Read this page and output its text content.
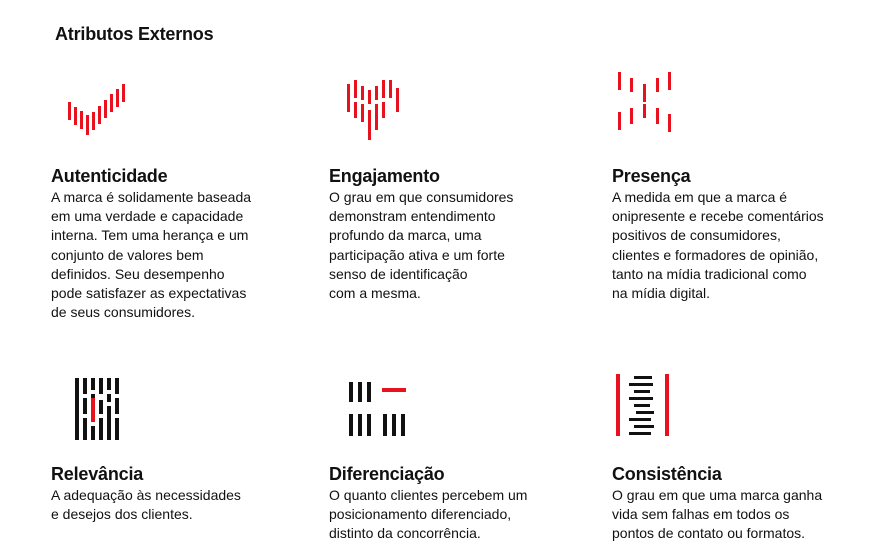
Atributos Externos
Autenticidade

A marca é solidamente baseada
em uma verdade e capacidade
interna. Tem uma herança e um
conjunto de valores bem
definidos. Seu desempenho
pode satisfazer as expectativas
de seus consumidores.

Engajamento

O grau em que consumidores
demonstram entendimento
profundo da marca, uma
participação ativa e um forte
senso de identificação
com a mesma.

Presença

A medida em que a marca é
onipresente e recebe comentários
positivos de consumidores,
clientes e formadores de opinião,
tanto na mídia tradicional como
na mídia digital.

Relevância

A adequação às necessidades
e desejos dos clientes.

Diferenciação

O quanto clientes percebem um
posicionamento diferenciado,
distinto da concorrência.

Consistência

O grau em que uma marca ganha
vida sem falhas em todos os
pontos de contato ou formatos.
